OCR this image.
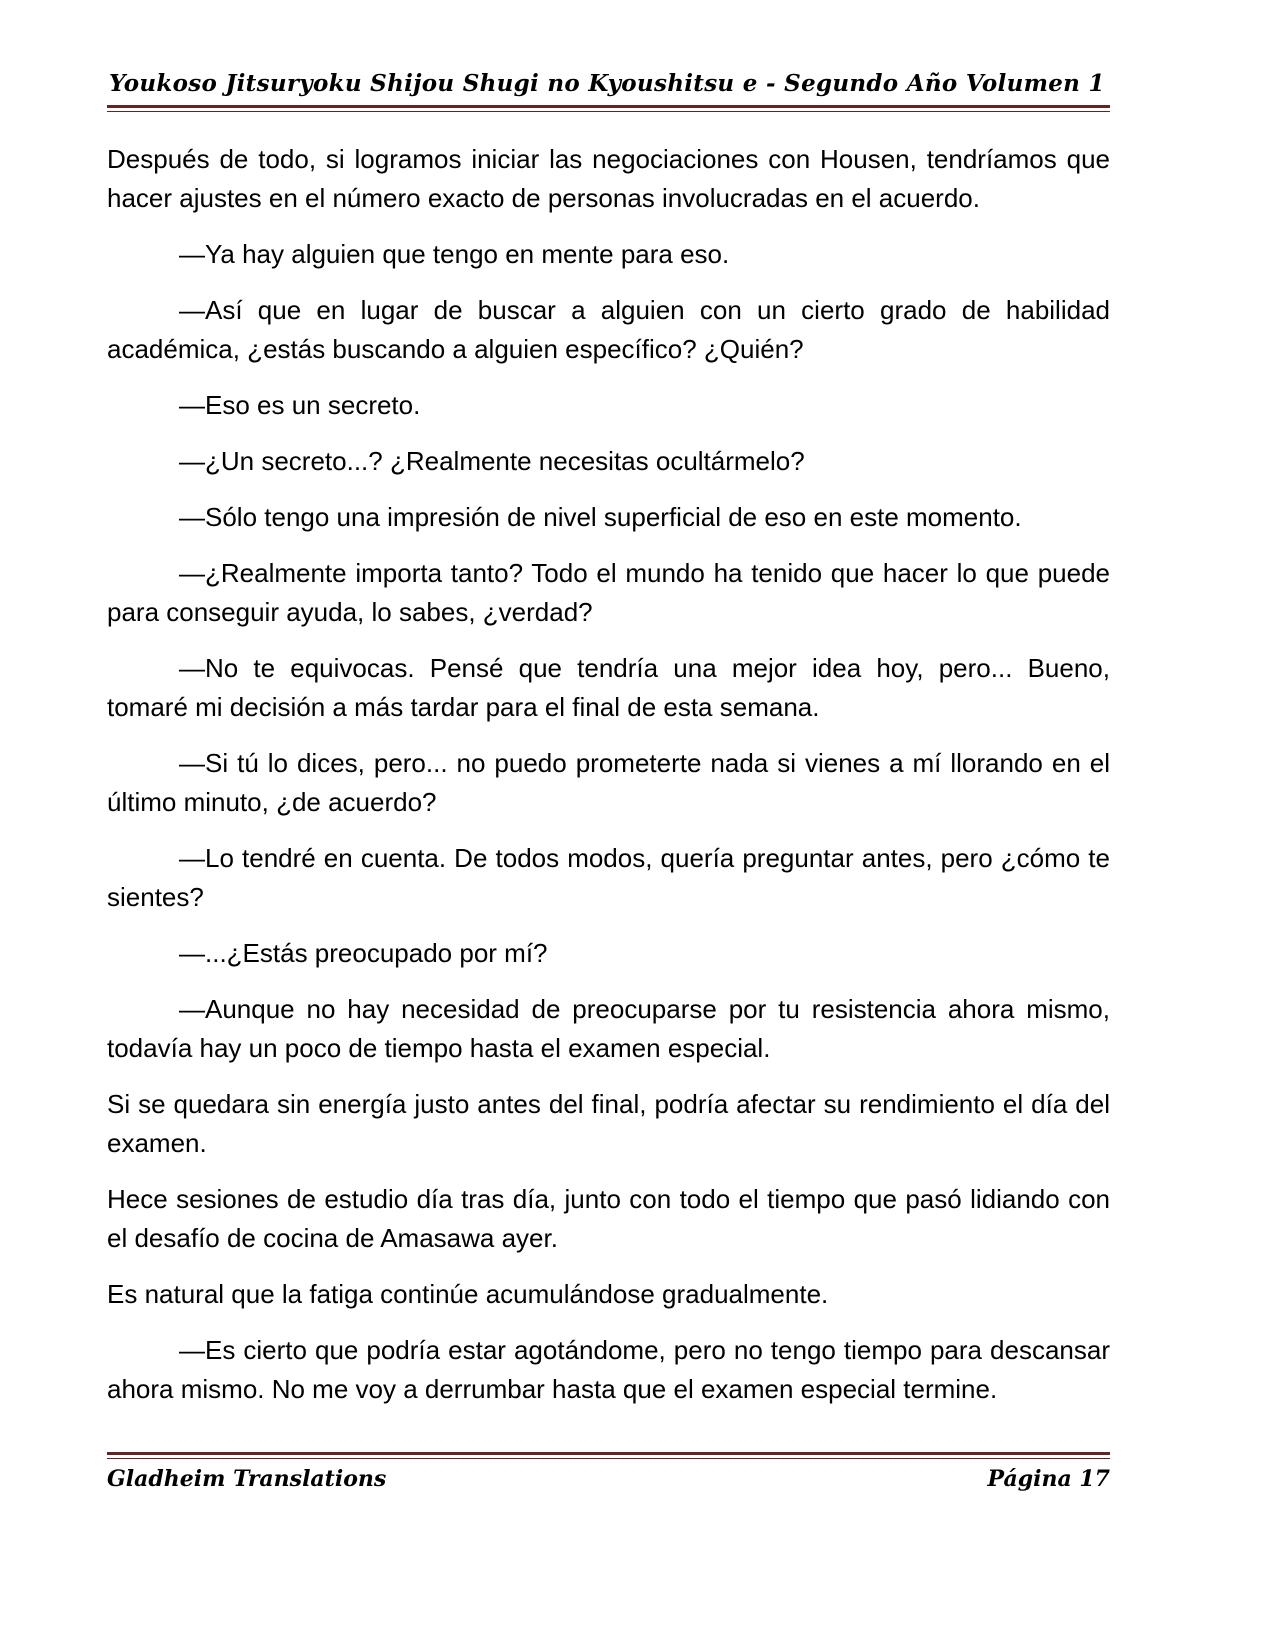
Youkoso Jitsuryoku Shijou Shugi no Kyoushitsu e - Segundo Año Volumen 1

Después de todo, si logramos iniciar las negociaciones con Housen, tendríamos que hacer ajustes en el número exacto de personas involucradas en el acuerdo.

—Ya hay alguien que tengo en mente para eso.

—Así que en lugar de buscar a alguien con un cierto grado de habilidad académica, ¿estás buscando a alguien específico? ¿Quién?

—Eso es un secreto.

—¿Un secreto...? ¿Realmente necesitas ocultármelo?

—Sólo tengo una impresión de nivel superficial de eso en este momento.

—¿Realmente importa tanto? Todo el mundo ha tenido que hacer lo que puede para conseguir ayuda, lo sabes, ¿verdad?

—No te equivocas. Pensé que tendría una mejor idea hoy, pero... Bueno, tomaré mi decisión a más tardar para el final de esta semana.

—Si tú lo dices, pero... no puedo prometerte nada si vienes a mí llorando en el último minuto, ¿de acuerdo?

—Lo tendré en cuenta. De todos modos, quería preguntar antes, pero ¿cómo te sientes?

—...¿Estás preocupado por mí?

—Aunque no hay necesidad de preocuparse por tu resistencia ahora mismo, todavía hay un poco de tiempo hasta el examen especial.

Si se quedara sin energía justo antes del final, podría afectar su rendimiento el día del examen.

Hece sesiones de estudio día tras día, junto con todo el tiempo que pasó lidiando con el desafío de cocina de Amasawa ayer.

Es natural que la fatiga continúe acumulándose gradualmente.

—Es cierto que podría estar agotándome, pero no tengo tiempo para descansar ahora mismo. No me voy a derrumbar hasta que el examen especial termine.

Gladheim Translations	Página 17
